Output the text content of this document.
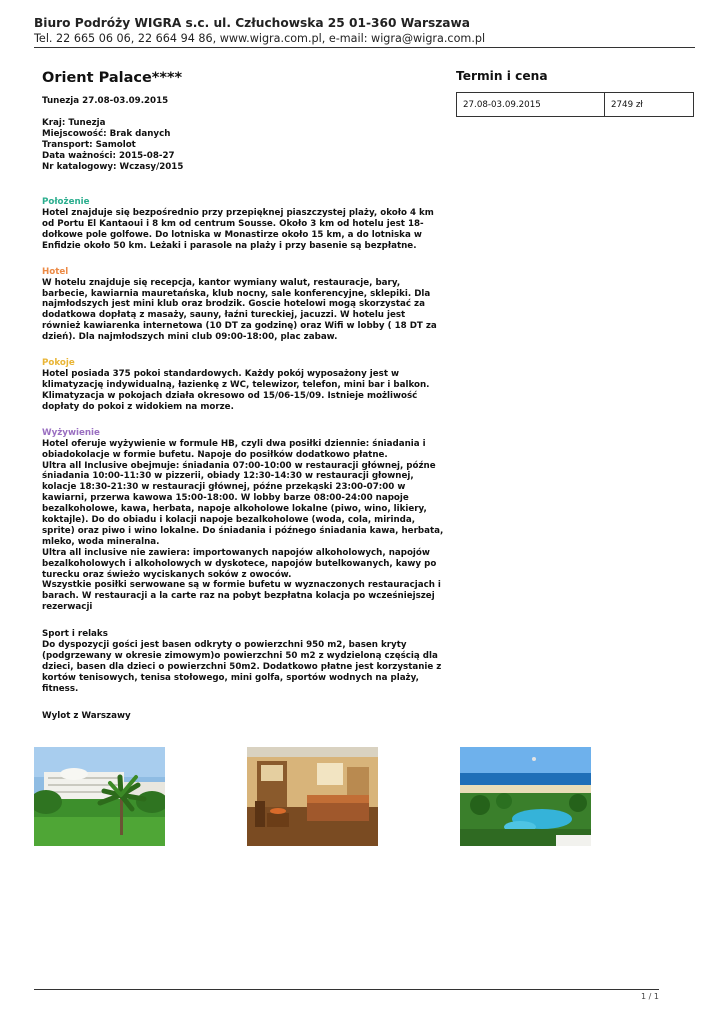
Biuro Podróży WIGRA s.c. ul. Człuchowska 25 01-360 Warszawa
Tel. 22 665 06 06, 22 664 94 86, www.wigra.com.pl, e-mail: wigra@wigra.com.pl
Orient Palace****
Tunezja 27.08-03.09.2015
Kraj: Tunezja
Miejscowość: Brak danych
Transport: Samolot
Data ważności: 2015-08-27
Nr katalogowy: Wczasy/2015
Położenie
Hotel znajduje się bezpośrednio przy przepięknej piaszczystej plaży, około 4 km od Portu El Kantaoui i 8 km od centrum Sousse. Około 3 km od hotelu jest 18-dołkowe pole golfowe. Do lotniska w Monastirze około 15 km, a do lotniska w Enfidzie około 50 km. Leżaki i parasole na plaży i przy basenie są bezpłatne.
Hotel
W hotelu znajduje się recepcja, kantor wymiany walut, restauracje, bary, barbecie, kawiarnia mauretańska, klub nocny, sale konferencyjne, sklepiki. Dla najmłodszych jest mini klub oraz brodzik. Goscie hotelowi mogą skorzystać za dodatkowa dopłatą z masaży, sauny, łaźni tureckiej, jacuzzi. W hotelu jest również kawiarenka internetowa (10 DT za godzinę) oraz Wifi w lobby ( 18 DT za dzień). Dla najmłodszych mini club 09:00-18:00, plac zabaw.
Pokoje
Hotel posiada 375 pokoi standardowych. Każdy pokój wyposażony jest w klimatyzację indywidualną, łazienkę z WC, telewizor, telefon, mini bar i balkon. Klimatyzacja w pokojach działa okresowo od 15/06-15/09. Istnieje możliwość dopłaty do pokoi z widokiem na morze.
Wyżywienie
Hotel oferuje wyżywienie w formule HB, czyli dwa posiłki dziennie: śniadania i obiadokolacje w formie bufetu. Napoje do posiłków dodatkowo płatne.
Ultra all Inclusive obejmuje: śniadania 07:00-10:00 w restauracji głównej, późne śniadania 10:00-11:30 w pizzerii, obiady 12:30-14:30 w restauracji głownej, kolacje 18:30-21:30 w restauracji głównej, późne przekąski 23:00-07:00 w kawiarni, przerwa kawowa 15:00-18:00. W lobby barze 08:00-24:00 napoje bezalkoholowe, kawa, herbata, napoje alkoholowe lokalne (piwo, wino, likiery, koktajle). Do do obiadu i kolacji napoje bezalkoholowe (woda, cola, mirinda, sprite) oraz piwo i wino lokalne. Do śniadania i późnego śniadania kawa, herbata, mleko, woda mineralna.
Ultra all inclusive nie zawiera: importowanych napojów alkoholowych, napojów bezalkoholowych i alkoholowych w dyskotece, napojów butelkowanych, kawy po turecku oraz świeżo wyciskanych soków z owoców.
Wszystkie posiłki serwowane są w formie bufetu w wyznaczonych restauracjach i barach. W restauracji a la carte raz na pobyt bezpłatna kolacja po wcześniejszej rezerwacji
Sport i relaks
Do dyspozycji gości jest basen odkryty o powierzchni 950 m2, basen kryty (podgrzewany w okresie zimowym)o powierzchni 50 m2 z wydzieloną częścią dla dzieci, basen dla dzieci o powierzchni 50m2. Dodatkowo płatne jest korzystanie z kortów tenisowych, tenisa stołowego, mini golfa, sportów wodnych na plaży, fitness.
Wylot z Warszawy
Termin i cena
27.08-03.09.2015	2749 zł
1 / 1
